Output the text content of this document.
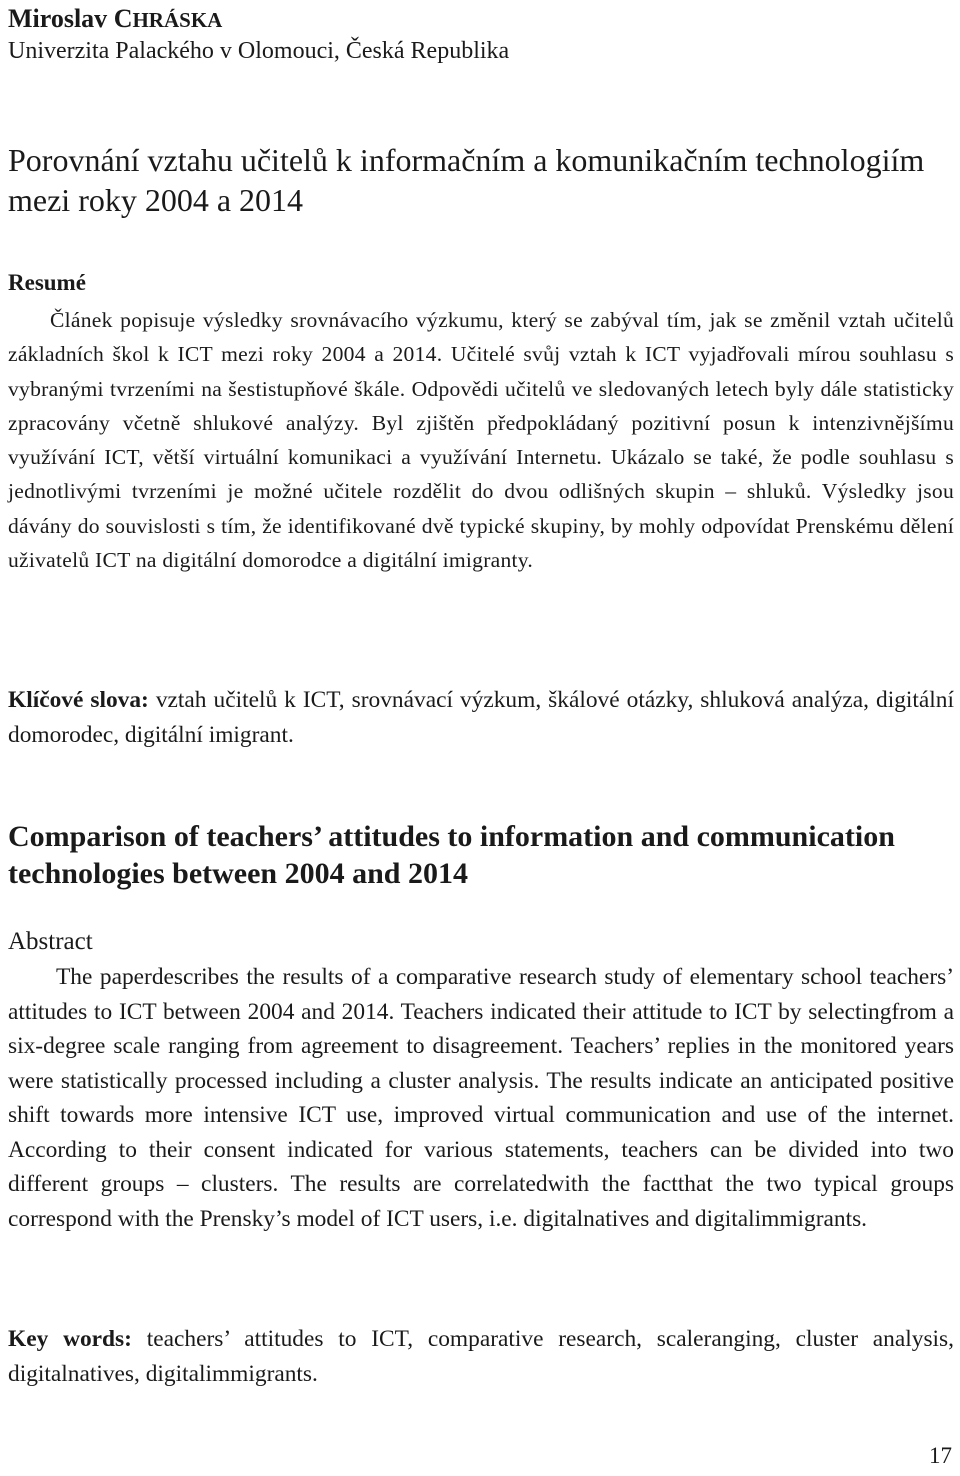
Miroslav CHRÁSKA

Univerzita Palackého v Olomouci, Česká Republika

Porovnání vztahu učitelů k informačním a komunikačním technologiím mezi roky 2004 a 2014
Resumé

Článek popisuje výsledky srovnávacího výzkumu, který se zabýval tím, jak se změnil vztah učitelů základních škol k ICT mezi roky 2004 a 2014. Učitelé svůj vztah k ICT vyjadřovali mírou souhlasu s vybranými tvrzeními na šestistupňové škále. Odpovědi učitelů ve sledovaných letech byly dále statisticky zpracovány včetně shlukové analýzy. Byl zjištěn předpokládaný pozitivní posun k intenzivnějšímu využívání ICT, větší virtuální komunikaci a využívání Internetu. Ukázalo se také, že podle souhlasu s jednotlivými tvrzeními je možné učitele rozdělit do dvou odlišných skupin – shluků. Výsledky jsou dávány do souvislosti s tím, že identifikované dvě typické skupiny, by mohly odpovídat Prenskému dělení uživatelů ICT na digitální domorodce a digitální imigranty.

Klíčové slova: vztah učitelů k ICT, srovnávací výzkum, škálové otázky, shluková analýza, digitální domorodec, digitální imigrant.

Comparison of teachers’ attitudes to information and communication technologies between 2004 and 2014
Abstract

The paperdescribes the results of a comparative research study of elementary school teachers’ attitudes to ICT between 2004 and 2014. Teachers indicated their attitude to ICT by selectingfrom a six-degree scale ranging from agreement to disagreement. Teachers’ replies in the monitored years were statistically processed including a cluster analysis. The results indicate an anticipated positive shift towards more intensive ICT use, improved virtual communication and use of the internet. According to their consent indicated for various statements, teachers can be divided into two different groups – clusters. The results are correlatedwith the factthat the two typical groups correspond with the Prensky’s model of ICT users, i.e. digitalnatives and digitalimmigrants.

Key words: teachers’ attitudes to ICT, comparative research, scaleranging, cluster analysis, digitalnatives, digitalimmigrants.

17
